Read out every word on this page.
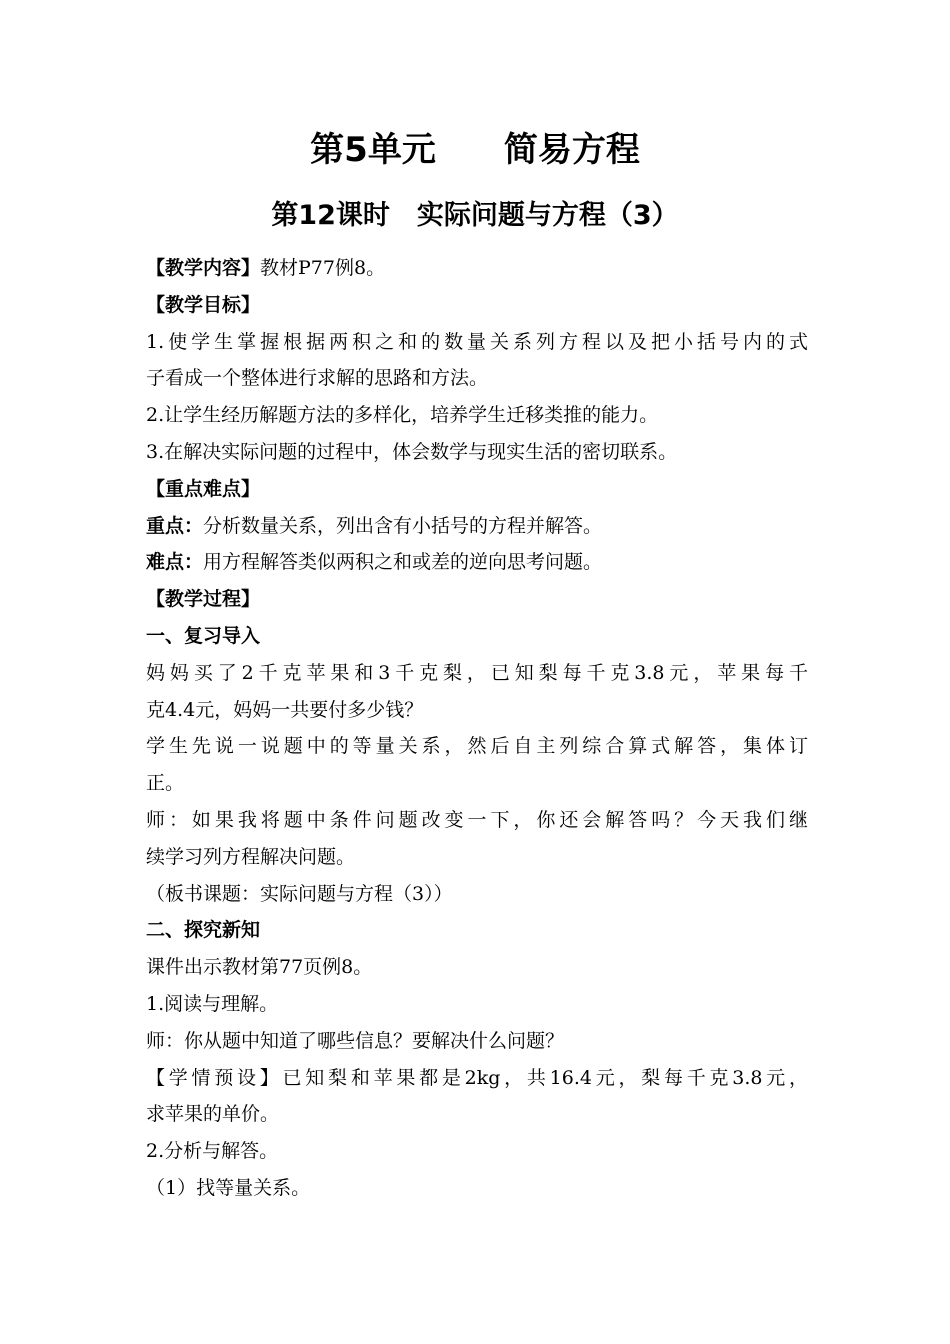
第5单元　　简易方程
第12课时　实际问题与方程（3）
【教学内容】教材P77例8。
【教学目标】
1.使学生掌握根据两积之和的数量关系列方程以及把小括号内的式
子看成一个整体进行求解的思路和方法。
2.让学生经历解题方法的多样化，培养学生迁移类推的能力。
3.在解决实际问题的过程中，体会数学与现实生活的密切联系。
【重点难点】
重点：分析数量关系，列出含有小括号的方程并解答。
难点：用方程解答类似两积之和或差的逆向思考问题。
【教学过程】
一、复习导入
妈妈买了2千克苹果和3千克梨，已知梨每千克3.8元，苹果每千
克4.4元，妈妈一共要付多少钱？
学生先说一说题中的等量关系，然后自主列综合算式解答，集体订
正。
师：如果我将题中条件问题改变一下，你还会解答吗？今天我们继
续学习列方程解决问题。
（板书课题：实际问题与方程（3））
二、探究新知
课件出示教材第77页例8。
1.阅读与理解。
师：你从题中知道了哪些信息？要解决什么问题？
【学情预设】已知梨和苹果都是2kg，共16.4元，梨每千克3.8元，
求苹果的单价。
2.分析与解答。
（1）找等量关系。
